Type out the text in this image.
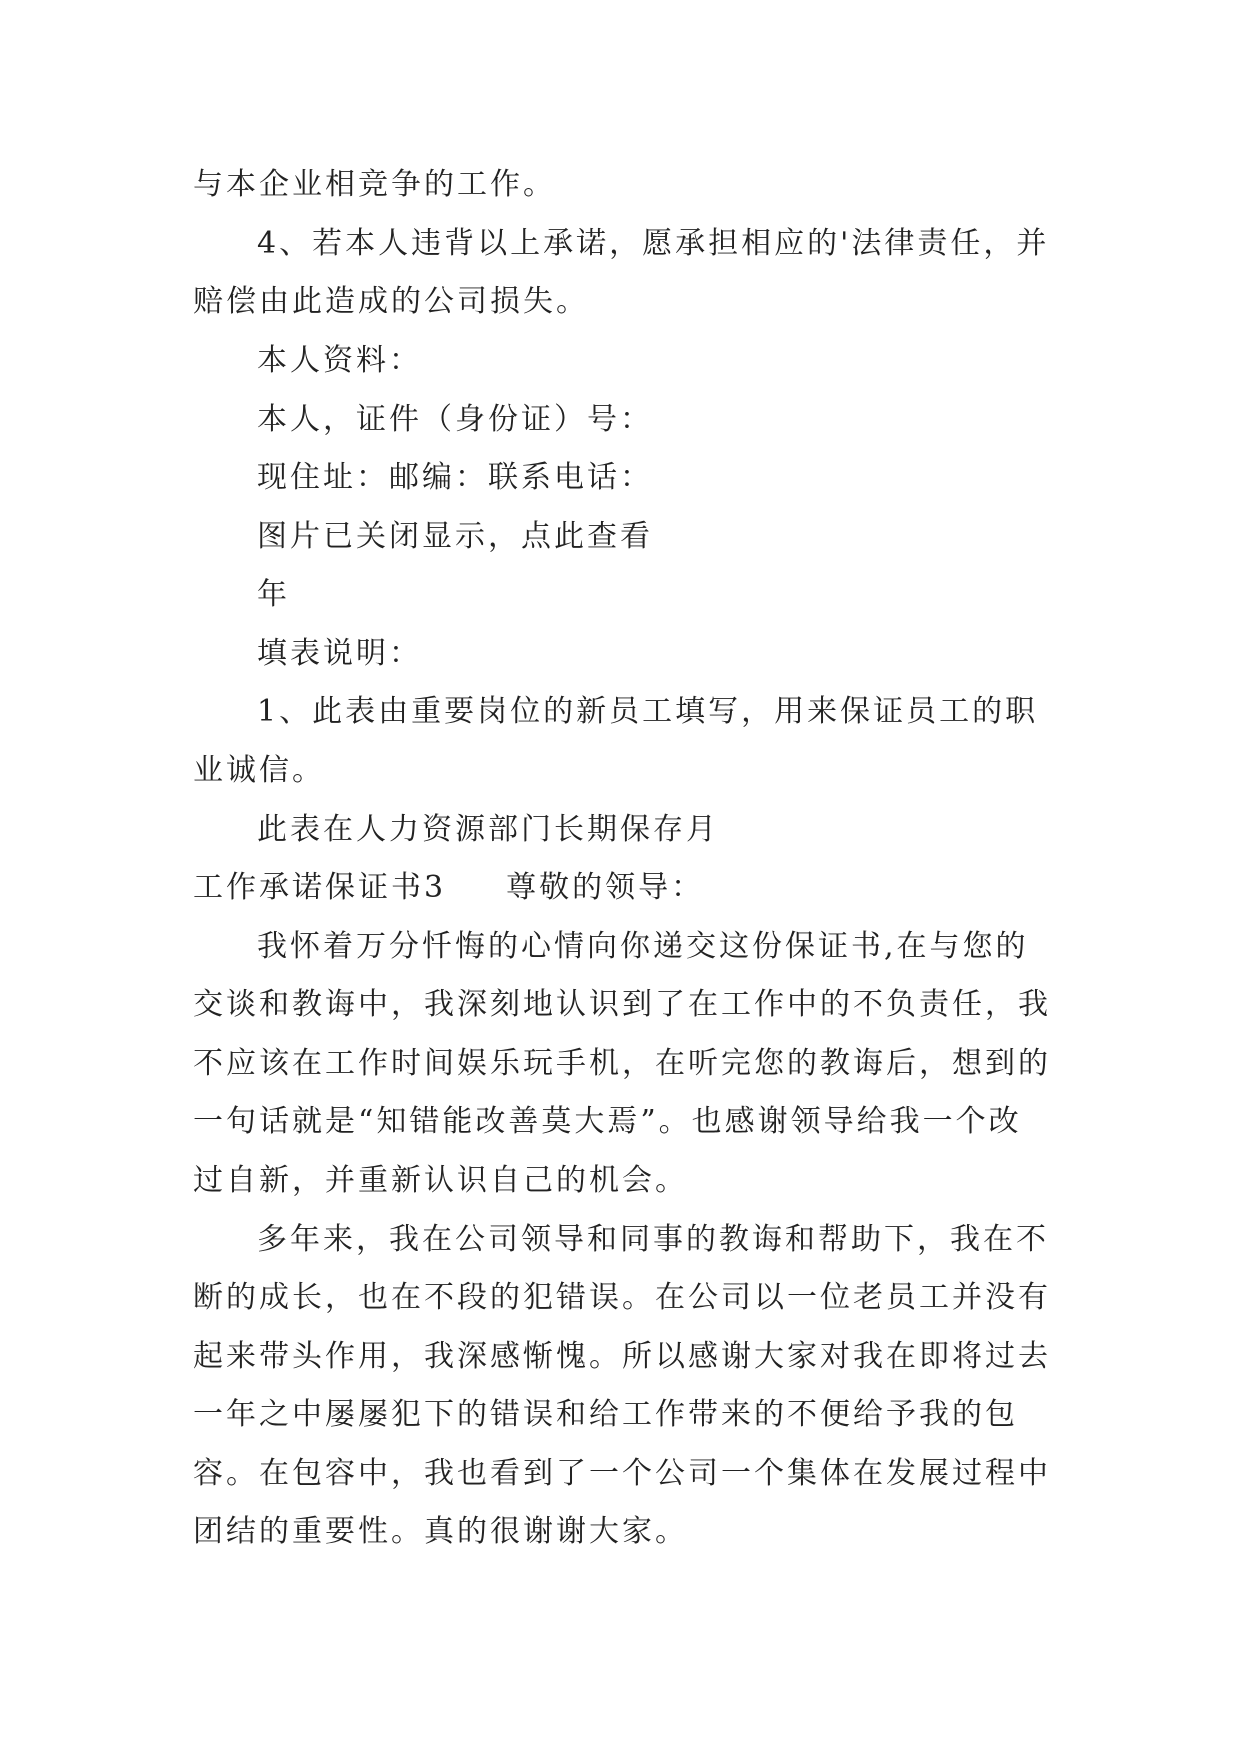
与本企业相竞争的工作。
4、若本人违背以上承诺，愿承担相应的'法律责任，并
赔偿由此造成的公司损失。
本人资料：
本人，证件（身份证）号：
现住址：邮编：联系电话：
图片已关闭显示，点此查看
年
填表说明：
1、此表由重要岗位的新员工填写，用来保证员工的职
业诚信。
此表在人力资源部门长期保存月
工作承诺保证书3 尊敬的领导：
我怀着万分忏悔的心情向你递交这份保证书,在与您的
交谈和教诲中，我深刻地认识到了在工作中的不负责任，我
不应该在工作时间娱乐玩手机，在听完您的教诲后，想到的
一句话就是“知错能改善莫大焉”。也感谢领导给我一个改
过自新，并重新认识自己的机会。
多年来，我在公司领导和同事的教诲和帮助下，我在不
断的成长，也在不段的犯错误。在公司以一位老员工并没有
起来带头作用，我深感惭愧。所以感谢大家对我在即将过去
一年之中屡屡犯下的错误和给工作带来的不便给予我的包
容。在包容中，我也看到了一个公司一个集体在发展过程中
团结的重要性。真的很谢谢大家。
